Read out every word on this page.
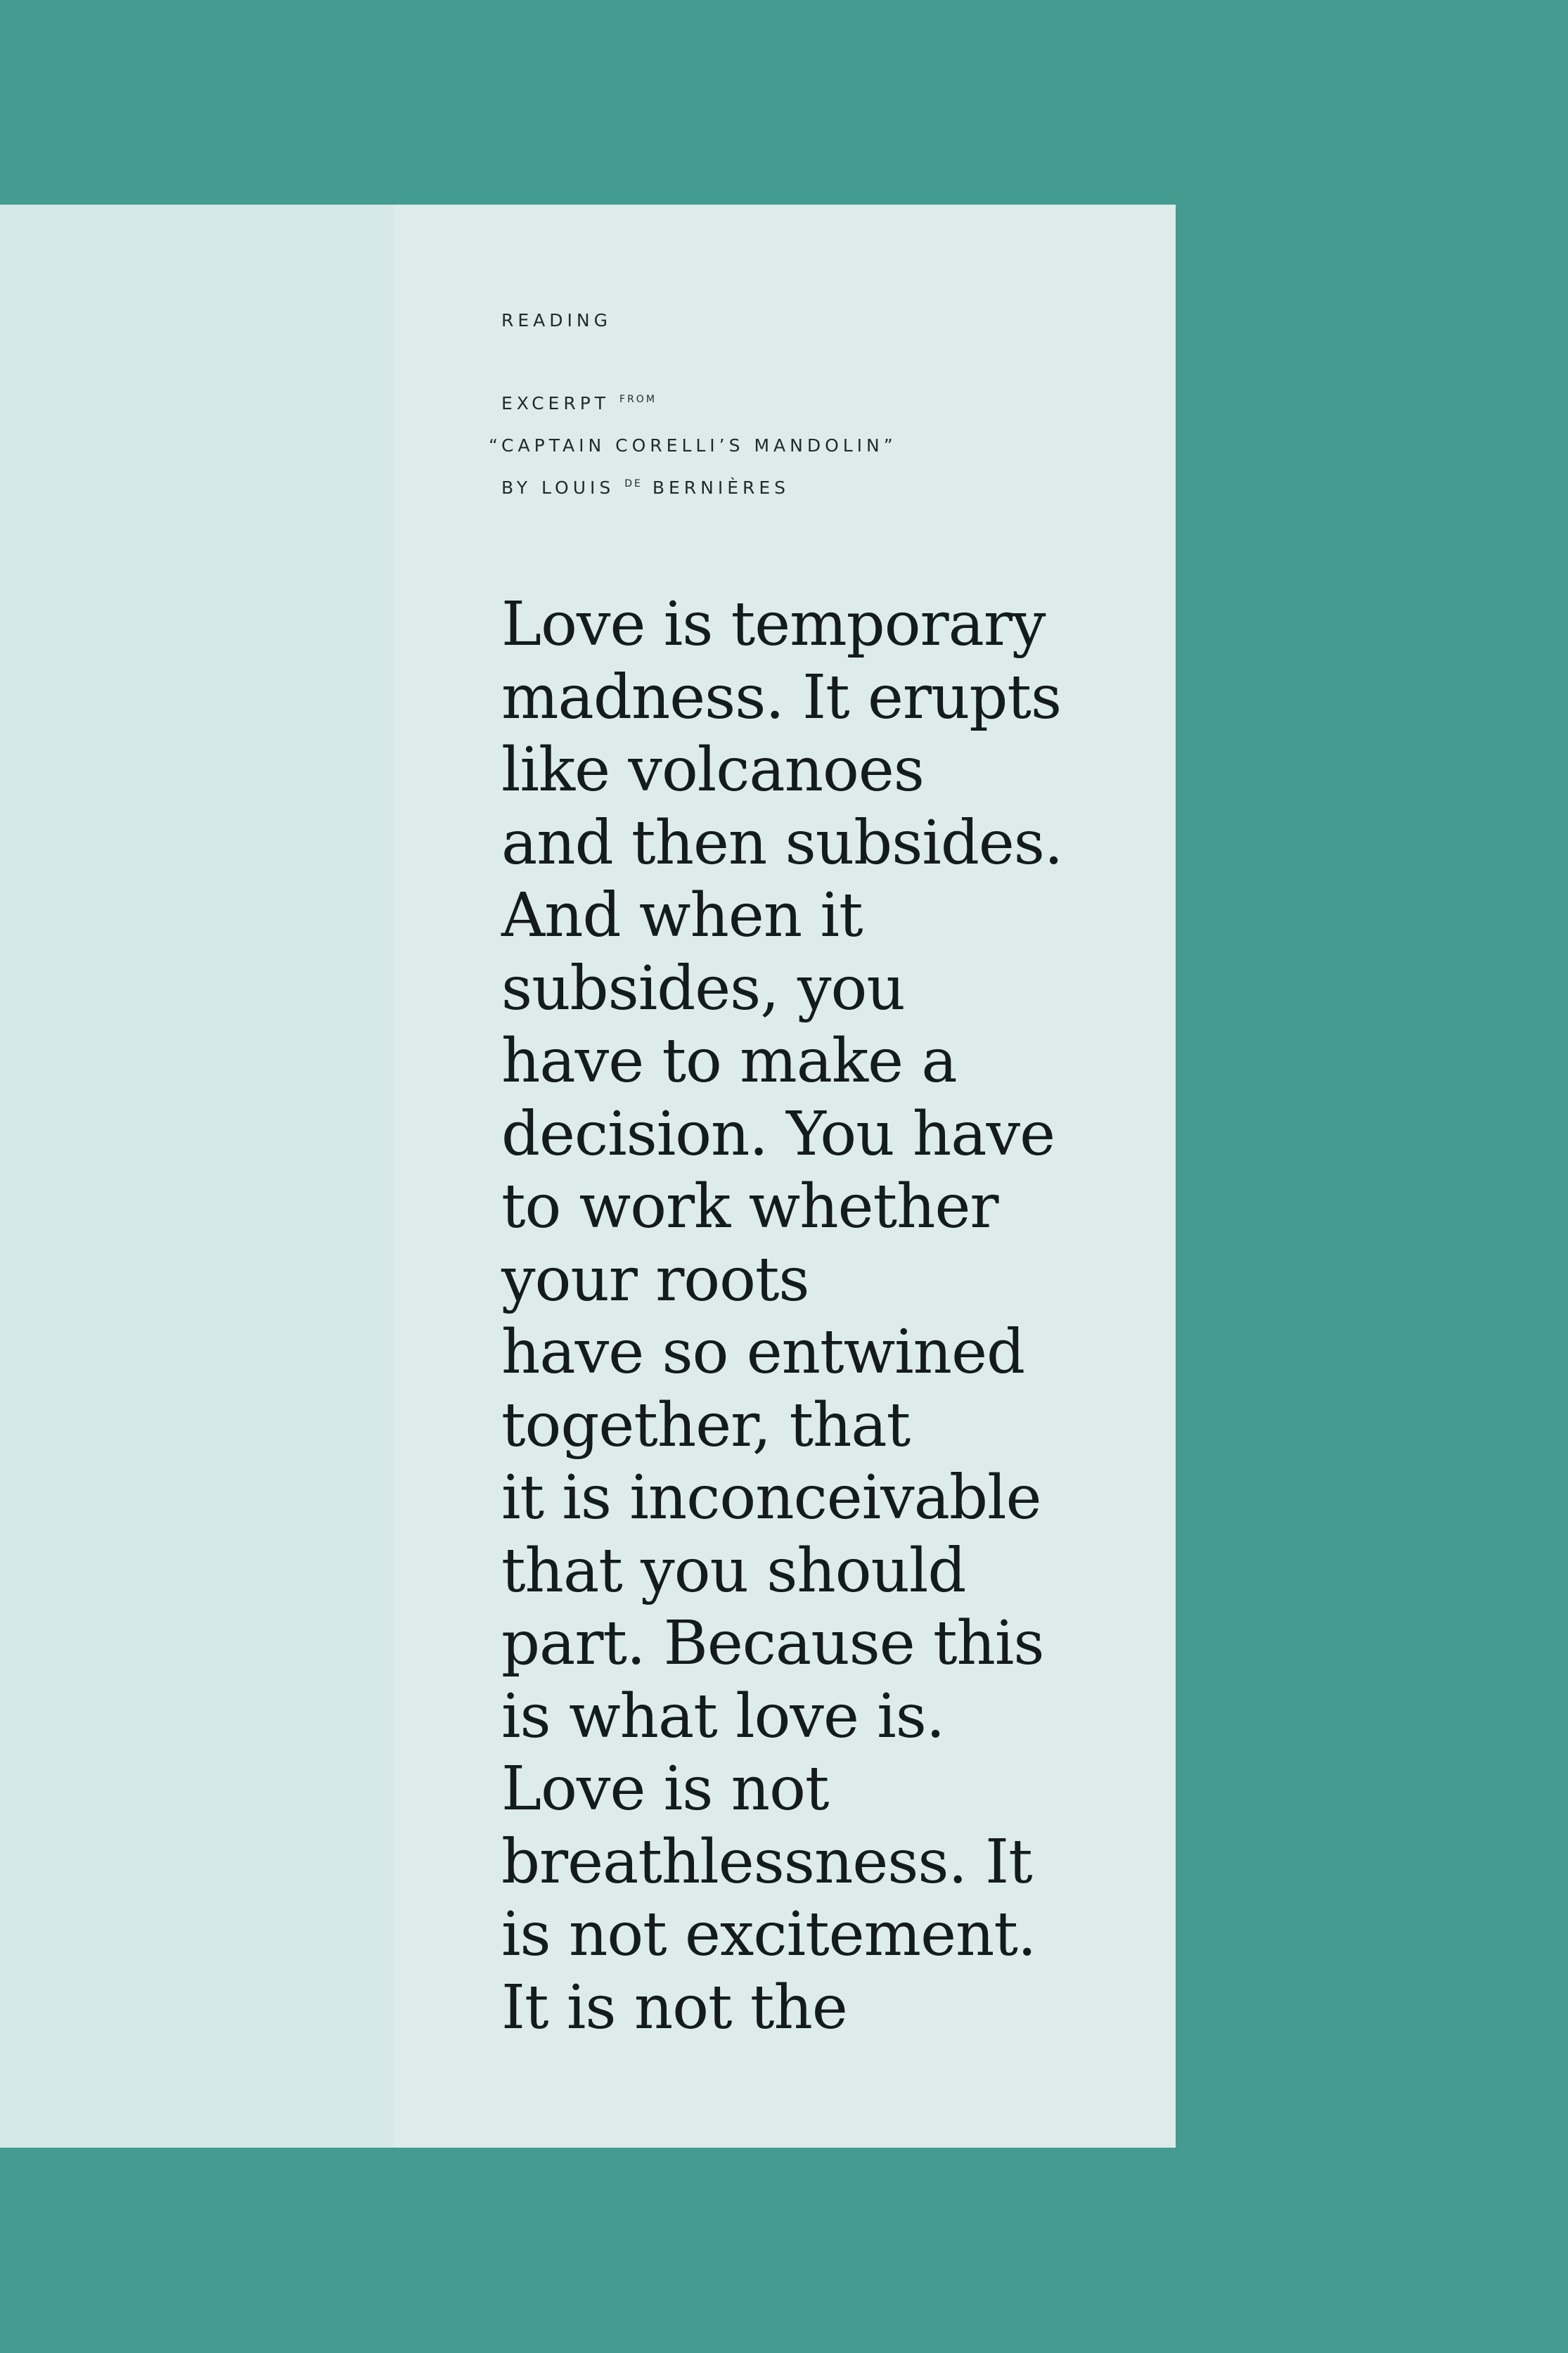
READING
EXCERPT $^{FROM}$
“CAPTAIN CORELLI’S MANDOLIN”
BY LOUIS $^{DE}$ BERNIÈRES
Love is temporary
madness. It erupts
like volcanoes
and then subsides.
And when it
subsides, you
have to make a
decision. You have
to work whether
your roots
have so entwined
together, that
it is inconceivable
that you should
part. Because this
is what love is.
Love is not
breathlessness. It
is not excitement.
It is not the
